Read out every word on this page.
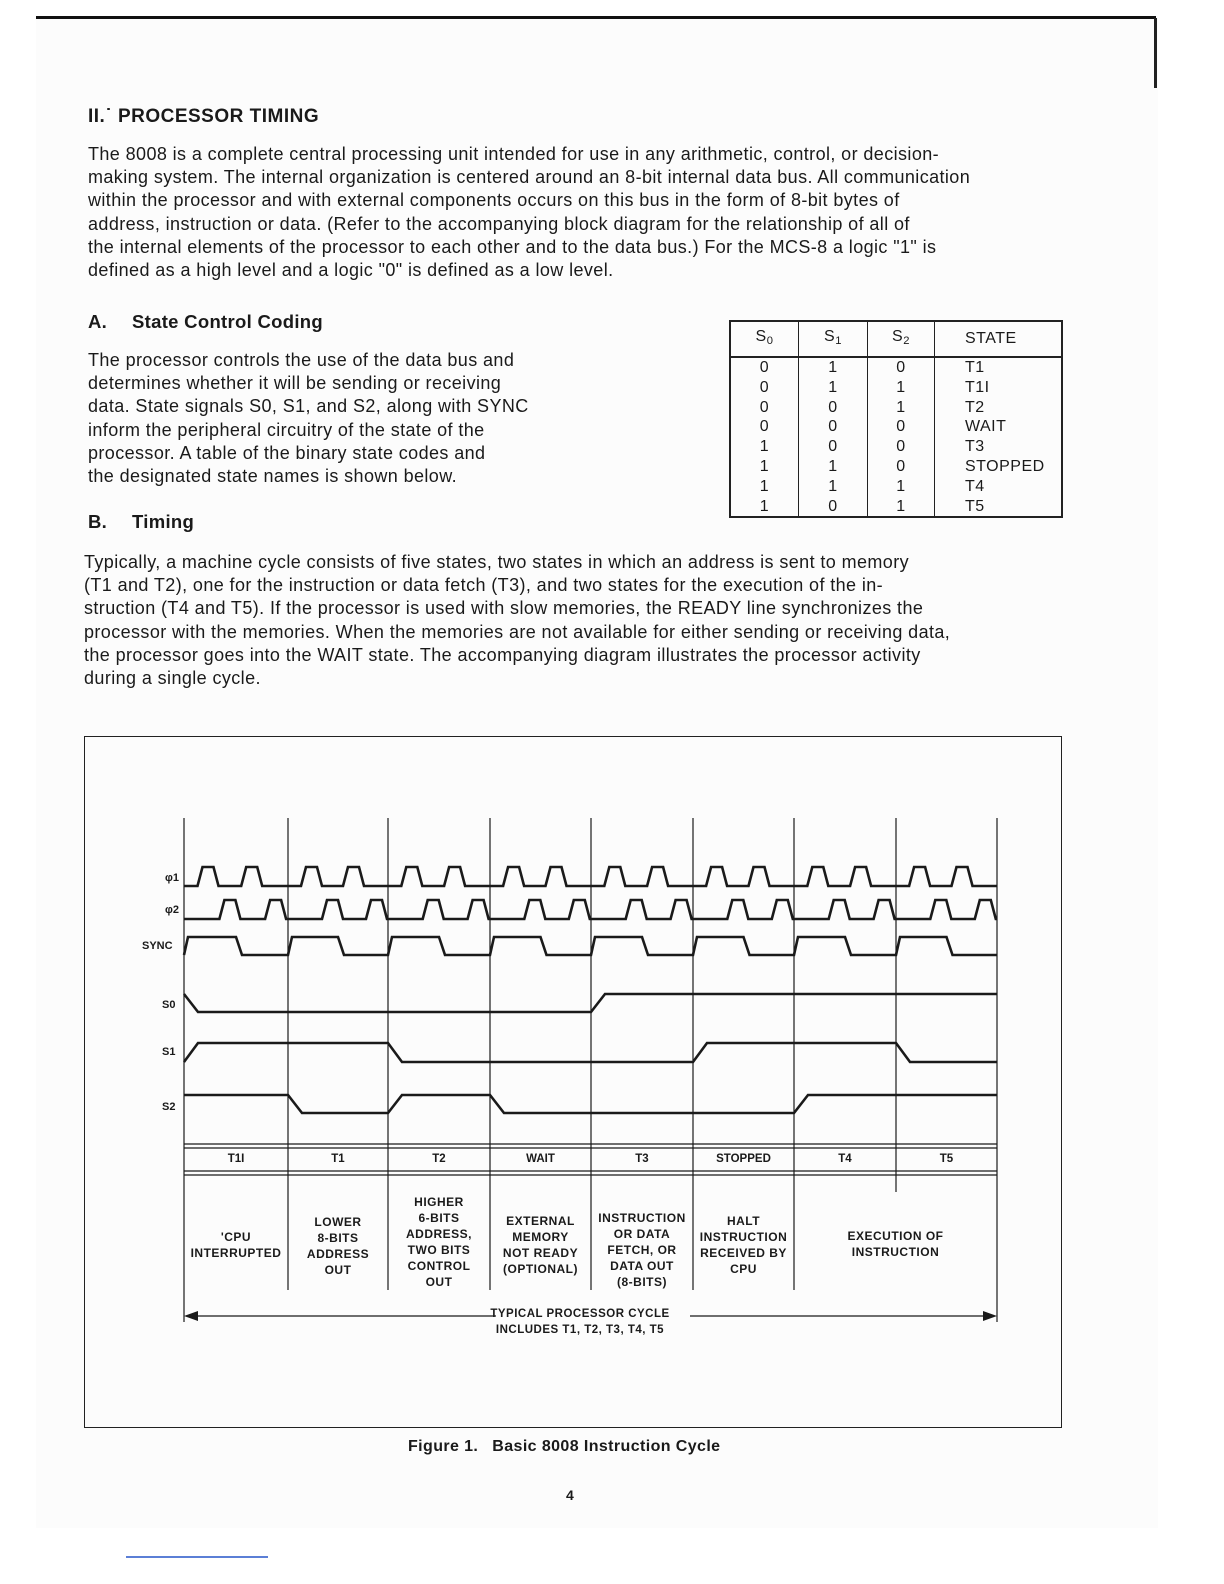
II.˙ PROCESSOR TIMING

The 8008 is a complete central processing unit intended for use in any arithmetic, control, or decision-

making system. The internal organization is centered around an 8-bit internal data bus. All communication

within the processor and with external components occurs on this bus in the form of 8-bit bytes of

address, instruction or data. (Refer to the accompanying block diagram for the relationship of all of

the internal elements of the processor to each other and to the data bus.) For the MCS-8 a logic "1" is

defined as a high level and a logic "0" is defined as a low level.

A. State Control Coding

The processor controls the use of the data bus and

determines whether it will be sending or receiving

data. State signals S0, S1, and S2, along with SYNC

inform the peripheral circuitry of the state of the

processor. A table of the binary state codes and

the designated state names is shown below.

$S_0$	$S_1$	$S_2$	STATE
0	1	0	T1
0	1	1	T1I
0	0	1	T2
0	0	0	WAIT
1	0	0	T3
1	1	0	STOPPED
1	1	1	T4
1	0	1	T5
B. Timing

Typically, a machine cycle consists of five states, two states in which an address is sent to memory

(T1 and T2), one for the instruction or data fetch (T3), and two states for the execution of the in-

struction (T4 and T5). If the processor is used with slow memories, the READY line synchronizes the

processor with the memories. When the memories are not available for either sending or receiving data,

the processor goes into the WAIT state. The accompanying diagram illustrates the processor activity

during a single cycle.

φ1
φ2
SYNC
S0
S1
S2
T1I	T1	T2	WAIT	T3	STOPPED	T4	T5
'CPU
INTERRUPTED
LOWER
8-BITS
ADDRESS
OUT
HIGHER
6-BITS
ADDRESS,
TWO BITS
CONTROL
OUT
EXTERNAL
MEMORY
NOT READY
(OPTIONAL)
INSTRUCTION
OR DATA
FETCH, OR
DATA OUT
(8-BITS)
HALT
INSTRUCTION
RECEIVED BY
CPU
EXECUTION OF
INSTRUCTION
TYPICAL PROCESSOR CYCLE
INCLUDES T1, T2, T3, T4, T5
Figure 1. Basic 8008 Instruction Cycle
4
